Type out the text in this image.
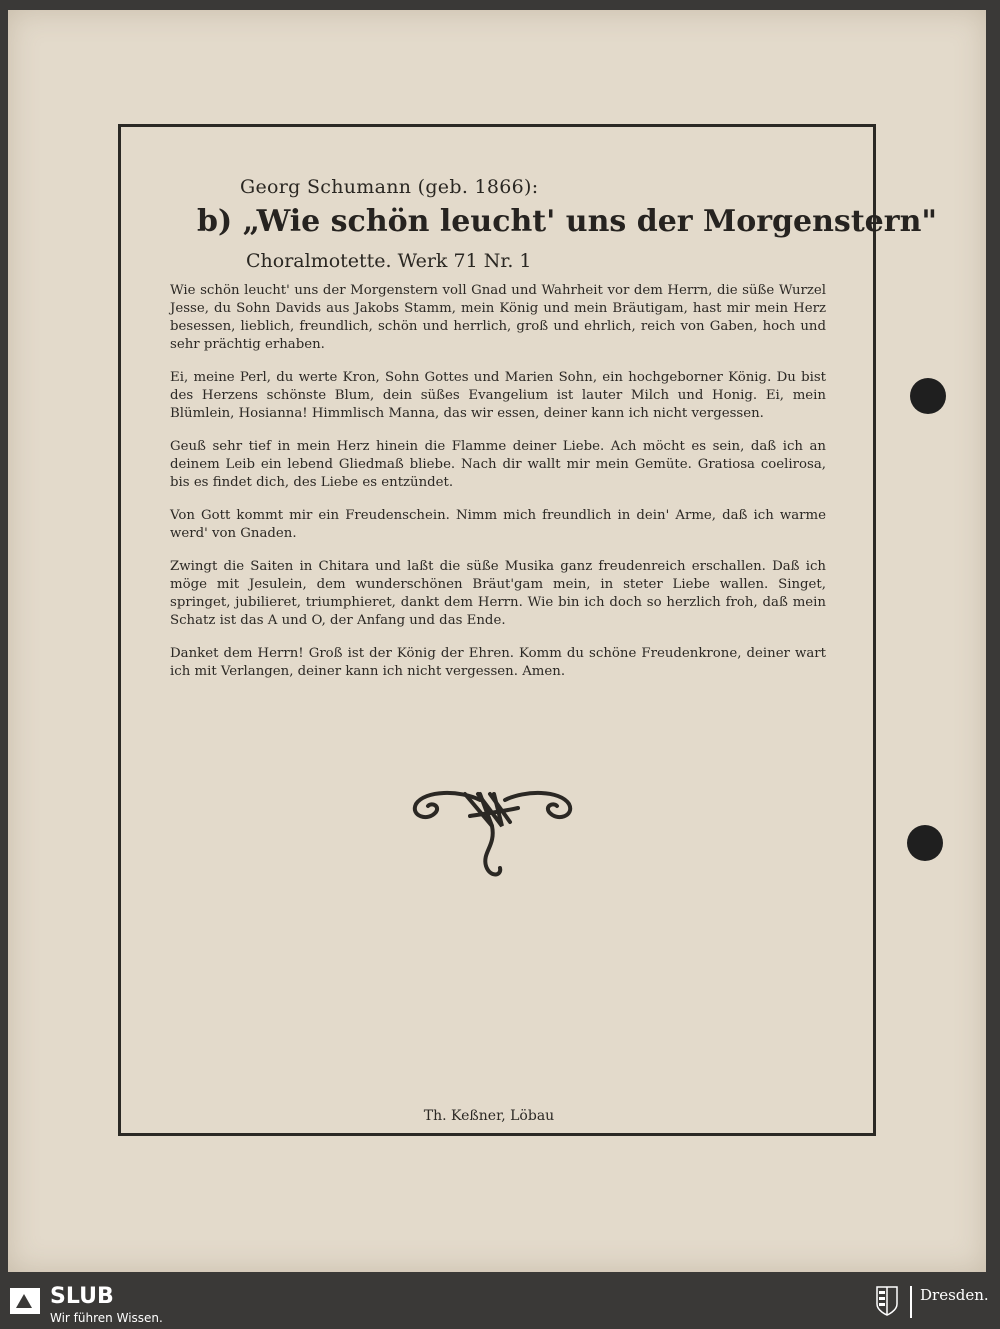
Georg Schumann (geb. 1866):
b) „Wie schön leucht' uns der Morgenstern"
Choralmotette. Werk 71 Nr. 1

Wie schön leucht' uns der Morgenstern voll Gnad und Wahrheit vor dem Herrn, die süße Wurzel Jesse, du Sohn Davids aus Jakobs Stamm, mein König und mein Bräutigam, hast mir mein Herz besessen, lieblich, freundlich, schön und herrlich, groß und ehrlich, reich von Gaben, hoch und sehr prächtig erhaben.

Ei, meine Perl, du werte Kron, Sohn Gottes und Marien Sohn, ein hochgeborner König. Du bist des Herzens schönste Blum, dein süßes Evangelium ist lauter Milch und Honig. Ei, mein Blümlein, Hosianna! Himmlisch Manna, das wir essen, deiner kann ich nicht vergessen.

Geuß sehr tief in mein Herz hinein die Flamme deiner Liebe. Ach möcht es sein, daß ich an deinem Leib ein lebend Gliedmaß bliebe. Nach dir wallt mir mein Gemüte. Gratiosa coelirosa, bis es findet dich, des Liebe es entzündet.

Von Gott kommt mir ein Freudenschein. Nimm mich freundlich in dein' Arme, daß ich warme werd' von Gnaden.

Zwingt die Saiten in Chitara und laßt die süße Musika ganz freudenreich erschallen. Daß ich möge mit Jesulein, dem wunderschönen Bräut'gam mein, in steter Liebe wallen. Singet, springet, jubilieret, triumphieret, dankt dem Herrn. Wie bin ich doch so herzlich froh, daß mein Schatz ist das A und O, der Anfang und das Ende.

Danket dem Herrn! Groß ist der König der Ehren. Komm du schöne Freudenkrone, deiner wart ich mit Verlangen, deiner kann ich nicht vergessen. Amen.

Th. Keßner, Löbau
SLUB
Wir führen Wissen.
Dresden.
